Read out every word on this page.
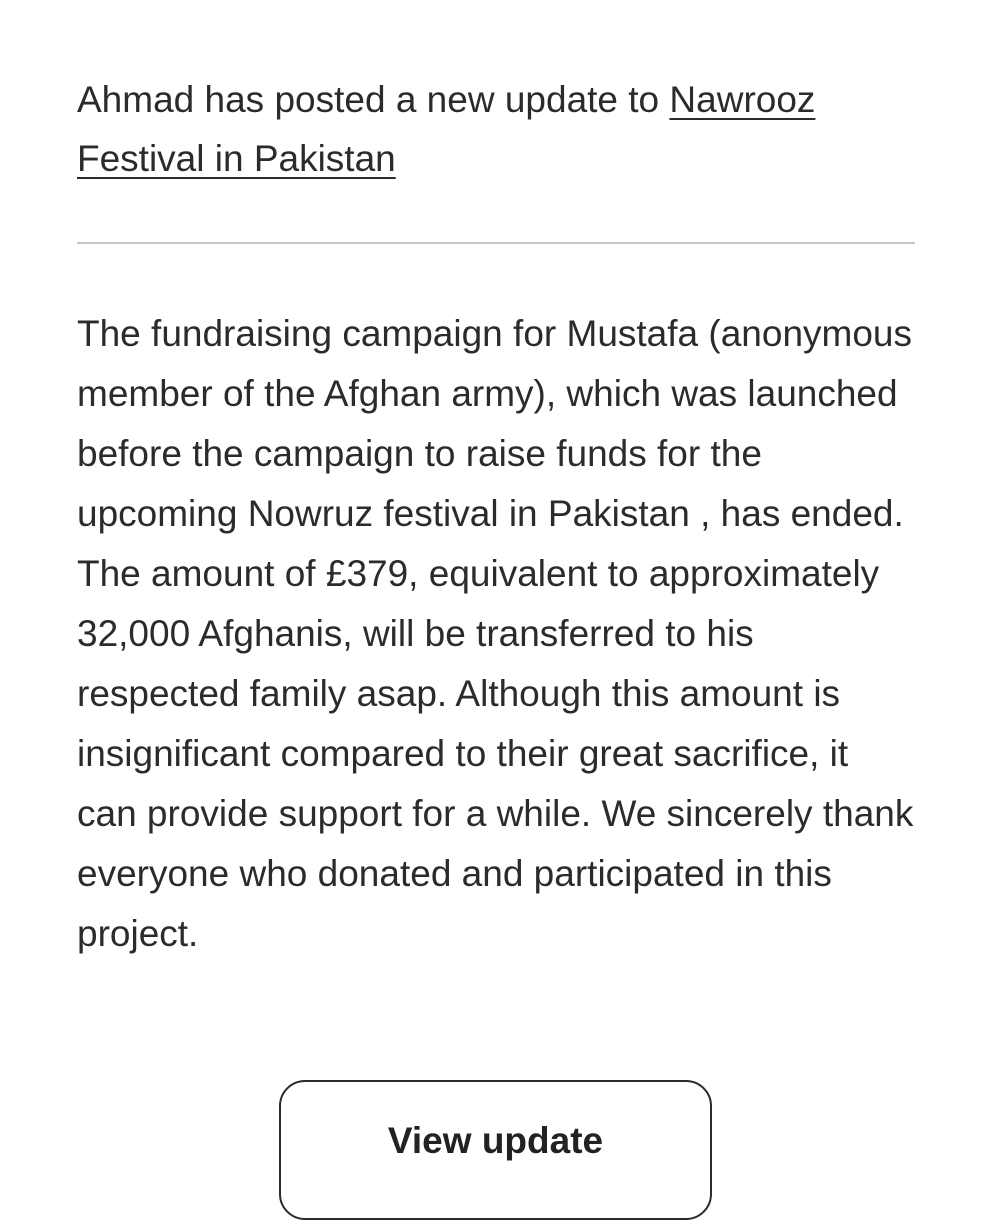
Ahmad has posted a new update to Nawrooz Festival in Pakistan

The fundraising campaign for Mustafa (anonymous member of the Afghan army), which was launched before the campaign to raise funds for the upcoming Nowruz festival in Pakistan , has ended. The amount of £379, equivalent to approximately 32,000 Afghanis, will be transferred to his respected family asap. Although this amount is insignificant compared to their great sacrifice, it can provide support for a while. We sincerely thank everyone who donated and participated in this project.

View update
